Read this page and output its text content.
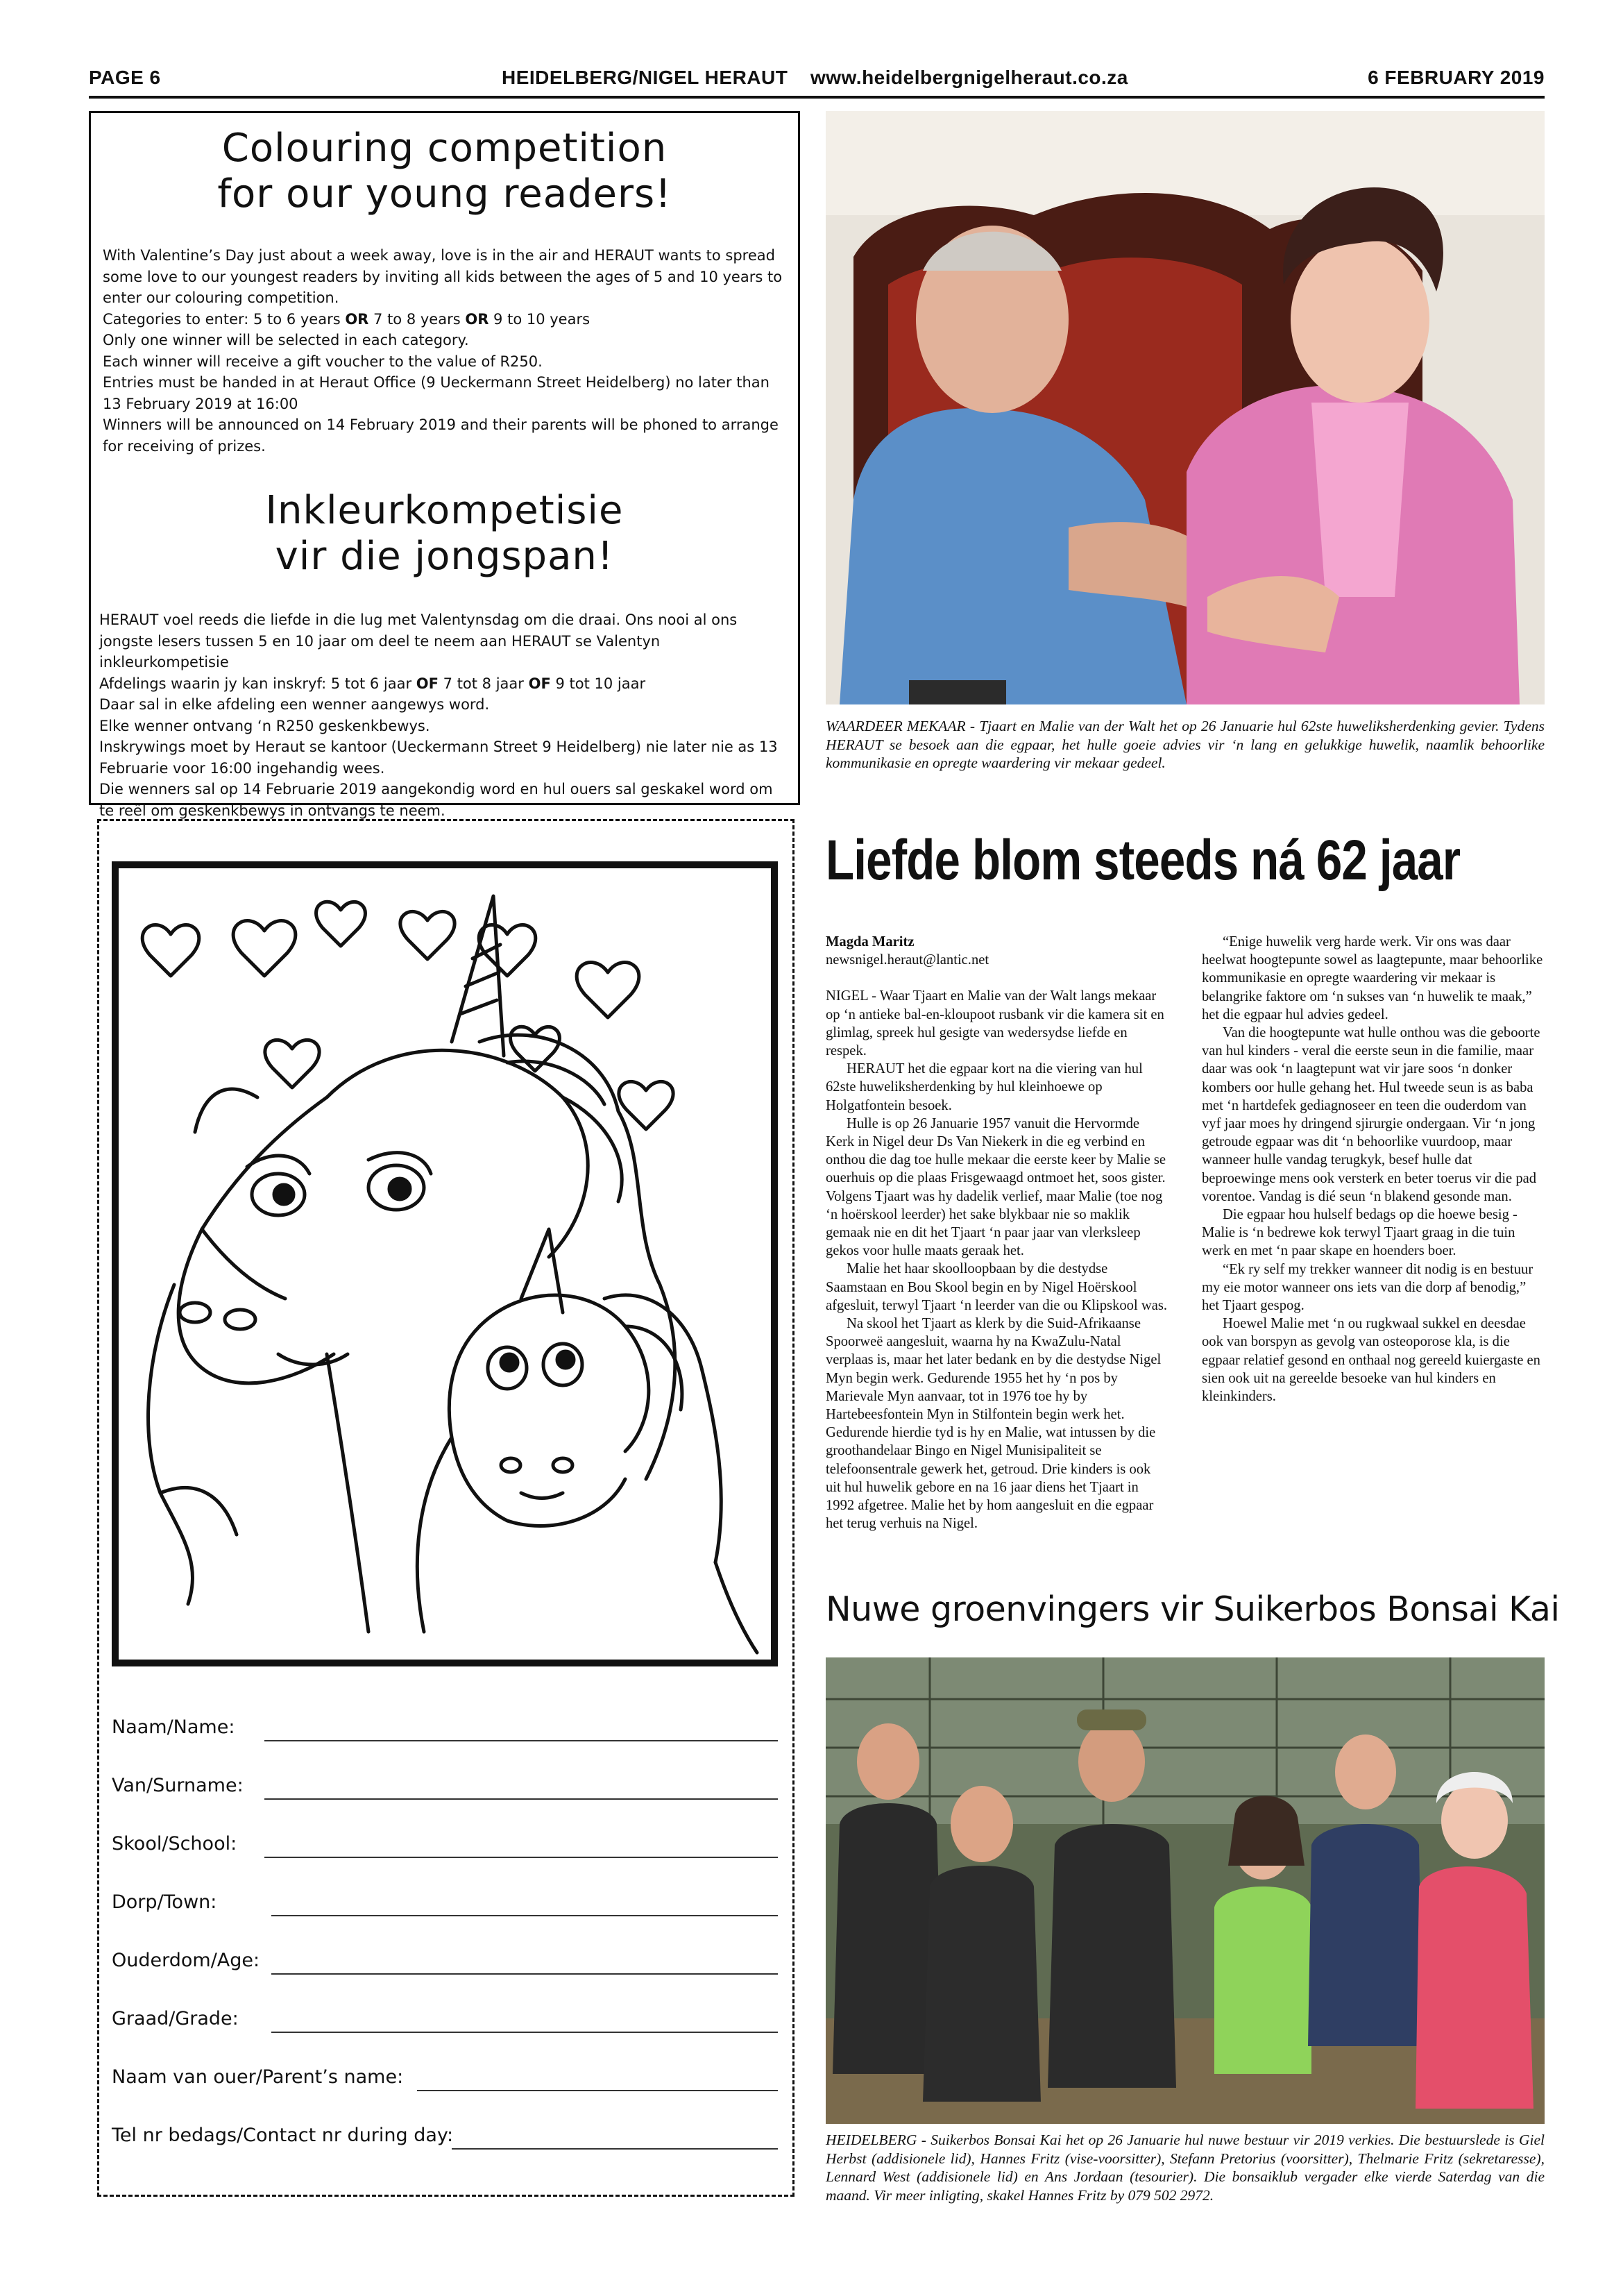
PAGE 6	HEIDELBERG/NIGEL HERAUT www.heidelbergnigelheraut.co.za	6 FEBRUARY 2019
Colouring competition
for our young readers!

With Valentine’s Day just about a week away, love is in the air and HERAUT wants to spread some love to our youngest readers by inviting all kids between the ages of 5 and 10 years to enter our colouring competition.

Categories to enter: 5 to 6 years OR 7 to 8 years OR 9 to 10 years

Only one winner will be selected in each category.

Each winner will receive a gift voucher to the value of R250.

Entries must be handed in at Heraut Office (9 Ueckermann Street Heidelberg) no later than 13 February 2019 at 16:00

Winners will be announced on 14 February 2019 and their parents will be phoned to arrange for receiving of prizes.

Inkleurkompetisie
vir die jongspan!

HERAUT voel reeds die liefde in die lug met Valentynsdag om die draai. Ons nooi al ons jongste lesers tussen 5 en 10 jaar om deel te neem aan HERAUT se Valentyn inkleurkompetisie

Afdelings waarin jy kan inskryf: 5 tot 6 jaar OF 7 tot 8 jaar OF 9 tot 10 jaar

Daar sal in elke afdeling een wenner aangewys word.

Elke wenner ontvang ‘n R250 geskenkbewys.

Inskrywings moet by Heraut se kantoor (Ueckermann Street 9 Heidelberg) nie later nie as 13 Februarie voor 16:00 ingehandig wees.

Die wenners sal op 14 Februarie 2019 aangekondig word en hul ouers sal geskakel word om te reël om geskenkbewys in ontvangs te neem.

Naam/Name:
Van/Surname:
Skool/School:
Dorp/Town:
Ouderdom/Age:
Graad/Grade:
Naam van ouer/Parent’s name:
Tel nr bedags/Contact nr during day:
WAARDEER MEKAAR - Tjaart en Malie van der Walt het op 26 Januarie hul 62ste huweliksherdenking gevier. Tydens HERAUT se besoek aan die egpaar, het hulle goeie advies vir ‘n lang en gelukkige huwelik, naamlik behoorlike kommunikasie en opregte waardering vir mekaar gedeel.
Liefde blom steeds ná 62 jaar

Magda Maritz

newsnigel.heraut@lantic.net

NIGEL - Waar Tjaart en Malie van der Walt langs mekaar op ‘n antieke bal-en-kloupoot rusbank vir die kamera sit en glimlag, spreek hul gesigte van wedersydse liefde en respek.

HERAUT het die egpaar kort na die viering van hul 62ste huweliksherdenking by hul kleinhoewe op Holgatfontein besoek.

Hulle is op 26 Januarie 1957 vanuit die Hervormde Kerk in Nigel deur Ds Van Niekerk in die eg verbind en onthou die dag toe hulle mekaar die eerste keer by Malie se ouerhuis op die plaas Frisgewaagd ontmoet het, soos gister. Volgens Tjaart was hy dadelik verlief, maar Malie (toe nog ‘n hoërskool leerder) het sake blykbaar nie so maklik gemaak nie en dit het Tjaart ‘n paar jaar van vlerksleep gekos voor hulle maats geraak het.

Malie het haar skoolloopbaan by die destydse Saamstaan en Bou Skool begin en by Nigel Hoërskool afgesluit, terwyl Tjaart ‘n leerder van die ou Klipskool was.

Na skool het Tjaart as klerk by die Suid-Afrikaanse Spoorweë aangesluit, waarna hy na KwaZulu-Natal verplaas is, maar het later bedank en by die destydse Nigel Myn begin werk. Gedurende 1955 het hy ‘n pos by Marievale Myn aanvaar, tot in 1976 toe hy by Hartebeesfontein Myn in Stilfontein begin werk het. Gedurende hierdie tyd is hy en Malie, wat intussen by die groothandelaar Bingo en Nigel Munisipaliteit se telefoonsentrale gewerk het, getroud. Drie kinders is ook uit hul huwelik gebore en na 16 jaar diens het Tjaart in 1992 afgetree. Malie het by hom aangesluit en die egpaar het terug verhuis na Nigel.

“Enige huwelik verg harde werk. Vir ons was daar heelwat hoogtepunte sowel as laagtepunte, maar behoorlike kommunikasie en opregte waardering vir mekaar is belangrike faktore om ‘n sukses van ‘n huwelik te maak,” het die egpaar hul advies gedeel.

Van die hoogtepunte wat hulle onthou was die geboorte van hul kinders - veral die eerste seun in die familie, maar daar was ook ‘n laagtepunt wat vir jare soos ‘n donker kombers oor hulle gehang het. Hul tweede seun is as baba met ‘n hartdefek gediagnoseer en teen die ouderdom van vyf jaar moes hy dringend sjirurgie ondergaan. Vir ‘n jong getroude egpaar was dit ‘n behoorlike vuurdoop, maar wanneer hulle vandag terugkyk, besef hulle dat beproewinge mens ook versterk en beter toerus vir die pad vorentoe. Vandag is dié seun ‘n blakend gesonde man.

Die egpaar hou hulself bedags op die hoewe besig - Malie is ‘n bedrewe kok terwyl Tjaart graag in die tuin werk en met ‘n paar skape en hoenders boer.

“Ek ry self my trekker wanneer dit nodig is en bestuur my eie motor wanneer ons iets van die dorp af benodig,” het Tjaart gespog.

Hoewel Malie met ‘n ou rugkwaal sukkel en deesdae ook van borspyn as gevolg van osteoporose kla, is die egpaar relatief gesond en onthaal nog gereeld kuiergaste en sien ook uit na gereelde besoeke van hul kinders en kleinkinders.

Nuwe groenvingers vir Suikerbos Bonsai Kai
HEIDELBERG - Suikerbos Bonsai Kai het op 26 Januarie hul nuwe bestuur vir 2019 verkies. Die bestuurslede is Giel Herbst (addisionele lid), Hannes Fritz (vise-voorsitter), Stefann Pretorius (voorsitter), Thelmarie Fritz (sekretaresse), Lennard West (addisionele lid) en Ans Jordaan (tesourier). Die bonsaiklub vergader elke vierde Saterdag van die maand. Vir meer inligting, skakel Hannes Fritz by 079 502 2972.
